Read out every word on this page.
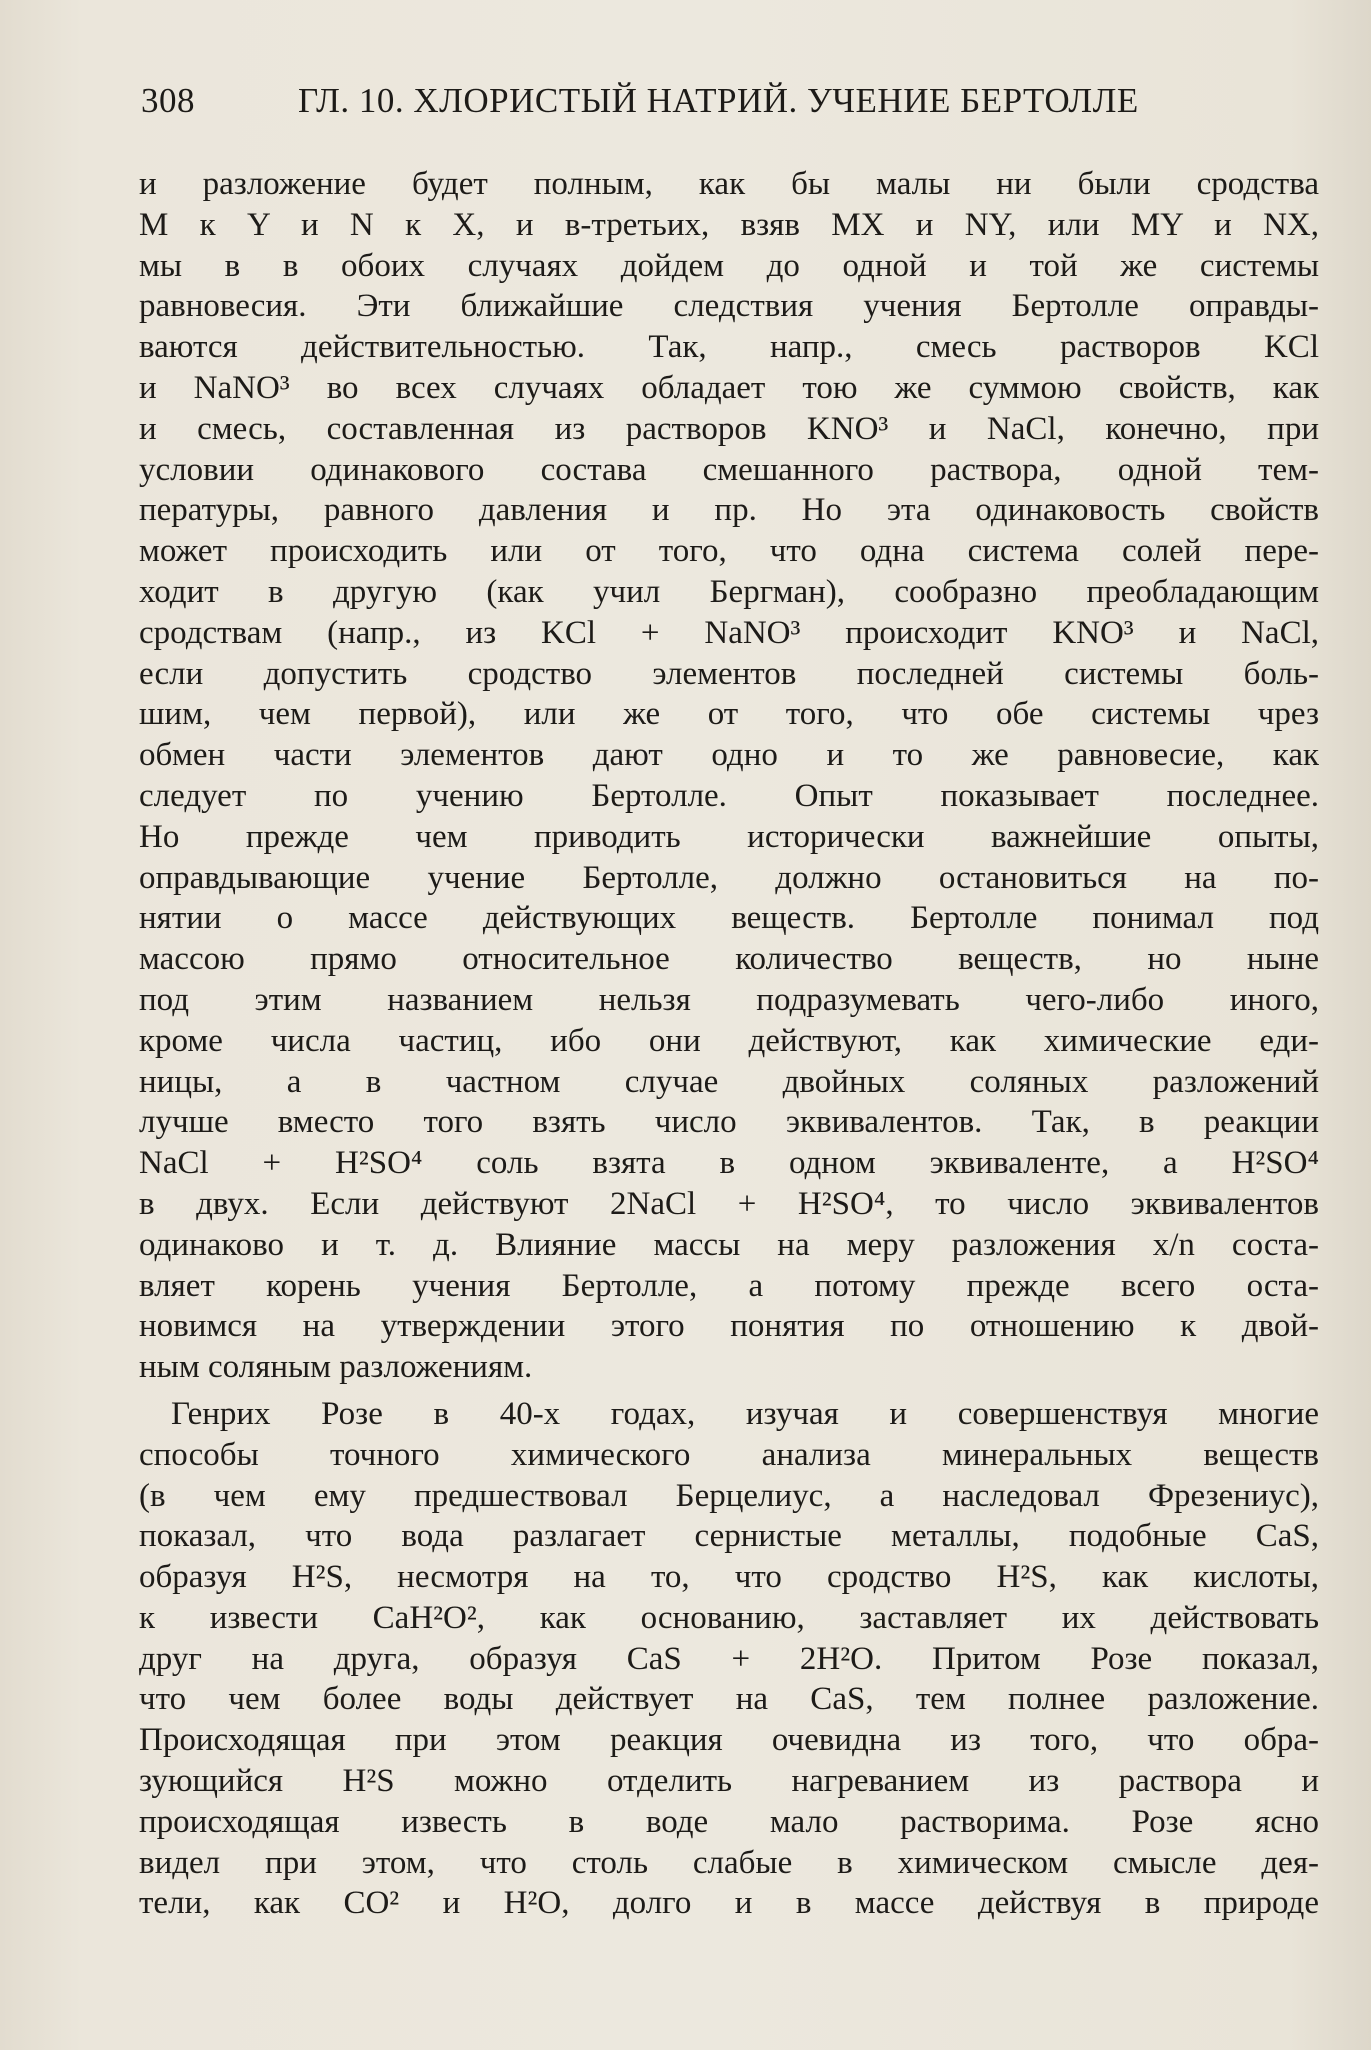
308	ГЛ. 10. ХЛОРИСТЫЙ НАТРИЙ. УЧЕНИЕ БЕРТОЛЛЕ
и разложение будет полным, как бы малы ни были сродства
M к Y и N к X, и в-третьих, взяв MX и NY, или MY и NX,
мы в в обоих случаях дойдем до одной и той же системы
равновесия. Эти ближайшие следствия учения Бертолле оправды-
ваются действительностью. Так, напр., смесь растворов KCl
и NaNO³ во всех случаях обладает тою же суммою свойств, как
и смесь, составленная из растворов KNO³ и NaCl, конечно, при
условии одинакового состава смешанного раствора, одной тем-
пературы, равного давления и пр. Но эта одинаковость свойств
может происходить или от того, что одна система солей пере-
ходит в другую (как учил Бергман), сообразно преобладающим
сродствам (напр., из KCl + NaNO³ происходит KNO³ и NaCl,
если допустить сродство элементов последней системы боль-
шим, чем первой), или же от того, что обе системы чрез
обмен части элементов дают одно и то же равновесие, как
следует по учению Бертолле. Опыт показывает последнее.
Но прежде чем приводить исторически важнейшие опыты,
оправдывающие учение Бертолле, должно остановиться на по-
нятии о массе действующих веществ. Бертолле понимал под
массою прямо относительное количество веществ, но ныне
под этим названием нельзя подразумевать чего-либо иного,
кроме числа частиц, ибо они действуют, как химические еди-
ницы, а в частном случае двойных соляных разложений
лучше вместо того взять число эквивалентов. Так, в реакции
NaCl + H²SO⁴ соль взята в одном эквиваленте, а H²SO⁴
в двух. Если действуют 2NaCl + H²SO⁴, то число эквивалентов
одинаково и т. д. Влияние массы на меру разложения x/n соста-
вляет корень учения Бертолле, а потому прежде всего оста-
новимся на утверждении этого понятия по отношению к двой-
ным соляным разложениям.
Генрих Розе в 40-х годах, изучая и совершенствуя многие
способы точного химического анализа минеральных веществ
(в чем ему предшествовал Берцелиус, а наследовал Фрезениус),
показал, что вода разлагает сернистые металлы, подобные CaS,
образуя H²S, несмотря на то, что сродство H²S, как кислоты,
к извести CaH²O², как основанию, заставляет их действовать
друг на друга, образуя CaS + 2H²O. Притом Розе показал,
что чем более воды действует на CaS, тем полнее разложение.
Происходящая при этом реакция очевидна из того, что обра-
зующийся H²S можно отделить нагреванием из раствора и
происходящая известь в воде мало растворима. Розе ясно
видел при этом, что столь слабые в химическом смысле дея-
тели, как CO² и H²O, долго и в массе действуя в природе
